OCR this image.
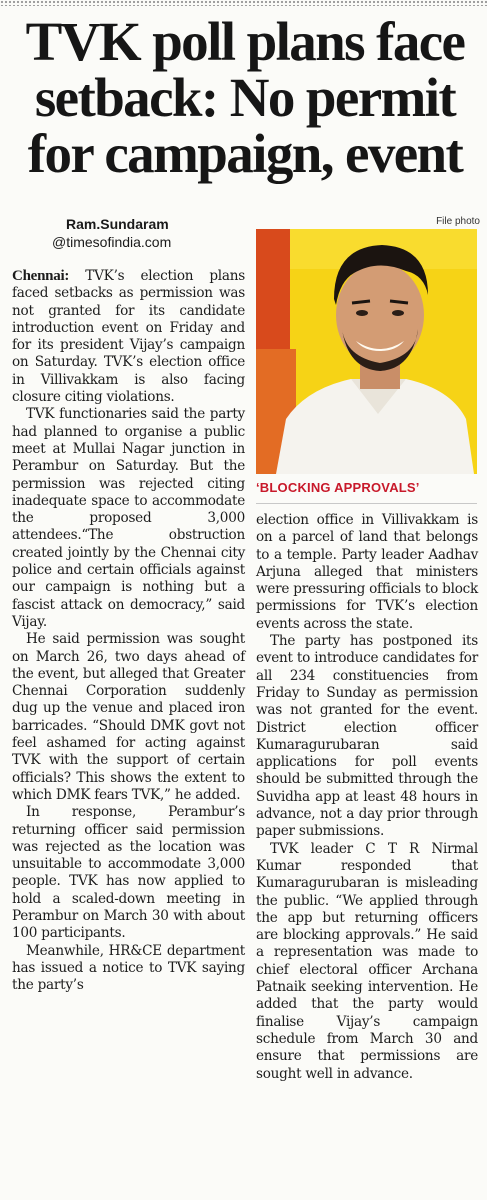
TVK poll plans face setback: No permit for campaign, event
Ram.Sundaram
@timesofindia.com
File photo
‘BLOCKING APPROVALS’

Chennai: TVK’s election plans faced setbacks as permission was not granted for its candidate introduction event on Friday and for its president Vijay’s campaign on Saturday. TVK’s election office in Villivakkam is also facing closure citing violations.

TVK functionaries said the party had planned to organise a public meet at Mullai Nagar junction in Perambur on Saturday. But the permission was rejected citing inadequate space to accommodate the proposed 3,000 attendees.“The obstruction created jointly by the Chennai city police and certain officials against our campaign is nothing but a fascist attack on democracy,” said Vijay.

He said permission was sought on March 26, two days ahead of the event, but alleged that Greater Chennai Corporation suddenly dug up the venue and placed iron barricades. “Should DMK govt not feel ashamed for acting against TVK with the support of certain officials? This shows the extent to which DMK fears TVK,” he added.

In response, Perambur’s returning officer said permission was rejected as the location was unsuitable to accommodate 3,000 people. TVK has now applied to hold a scaled-down meeting in Perambur on March 30 with about 100 participants.

Meanwhile, HR&CE department has issued a notice to TVK saying the party’s

election office in Villivakkam is on a parcel of land that belongs to a temple. Party leader Aadhav Arjuna alleged that ministers were pressuring officials to block permissions for TVK’s election events across the state.

The party has postponed its event to introduce candidates for all 234 constituencies from Friday to Sunday as permission was not granted for the event. District election officer Kumaragurubaran said applications for poll events should be submitted through the Suvidha app at least 48 hours in advance, not a day prior through paper submissions.

TVK leader C T R Nirmal Kumar responded that Kumaragurubaran is misleading the public. “We applied through the app but returning officers are blocking approvals.” He said a representation was made to chief electoral officer Archana Patnaik seeking intervention. He added that the party would finalise Vijay’s campaign schedule from March 30 and ensure that permissions are sought well in advance.
